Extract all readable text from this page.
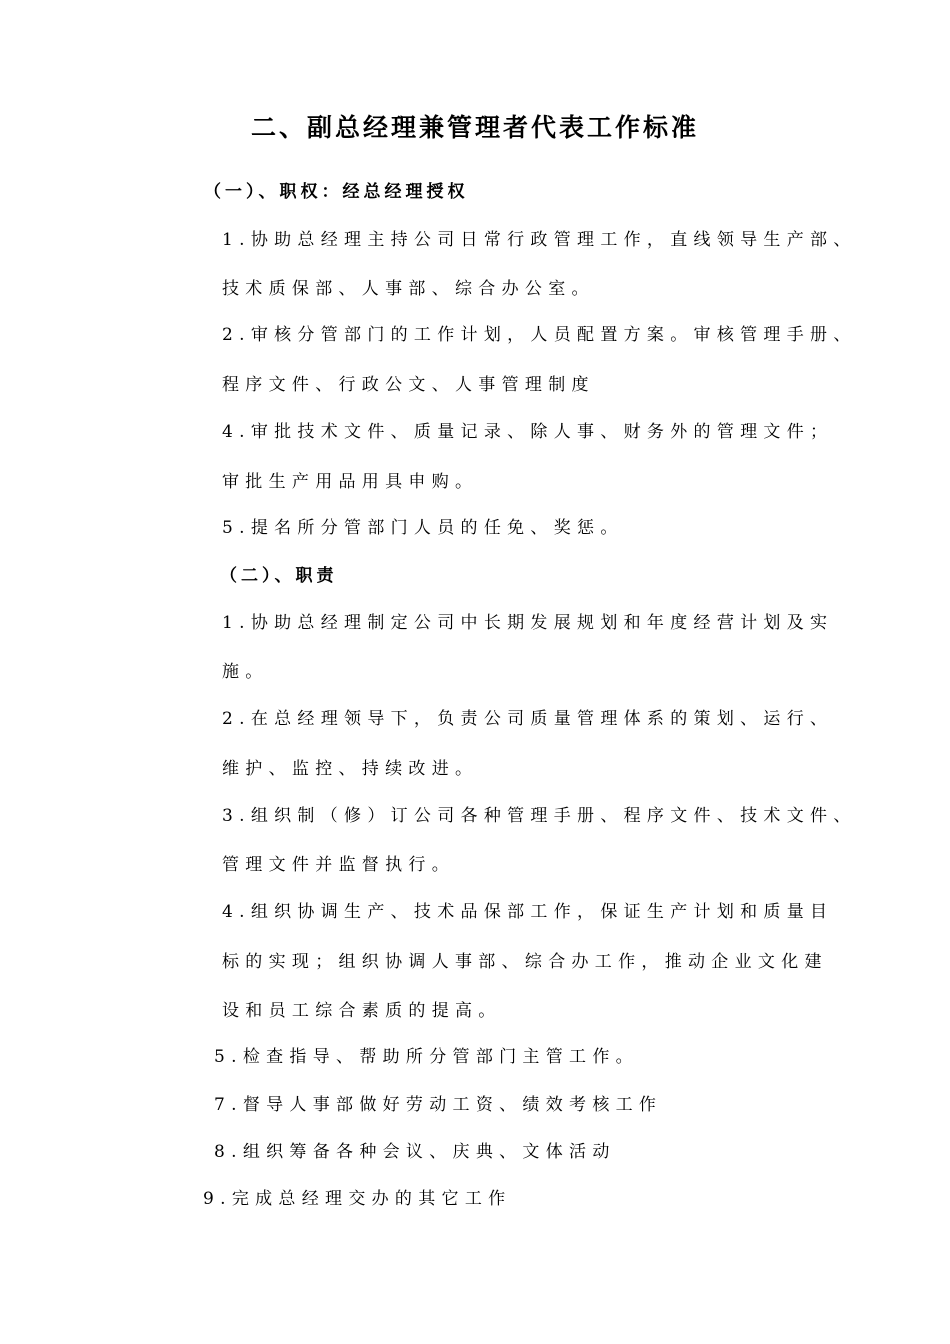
二、副总经理兼管理者代表工作标准
（一）、职权：经总经理授权
1.协助总经理主持公司日常行政管理工作，直线领导生产部、
技术质保部、人事部、综合办公室。
2.审核分管部门的工作计划，人员配置方案。审核管理手册、
程序文件、行政公文、人事管理制度
4.审批技术文件、质量记录、除人事、财务外的管理文件；
审批生产用品用具申购。
5.提名所分管部门人员的任免、奖惩。
（二）、职责
1.协助总经理制定公司中长期发展规划和年度经营计划及实
施。
2.在总经理领导下，负责公司质量管理体系的策划、运行、
维护、监控、持续改进。
3.组织制（修）订公司各种管理手册、程序文件、技术文件、
管理文件并监督执行。
4.组织协调生产、技术品保部工作，保证生产计划和质量目
标的实现；组织协调人事部、综合办工作，推动企业文化建
设和员工综合素质的提高。
5.检查指导、帮助所分管部门主管工作。
7.督导人事部做好劳动工资、绩效考核工作
8.组织筹备各种会议、庆典、文体活动
9.完成总经理交办的其它工作
